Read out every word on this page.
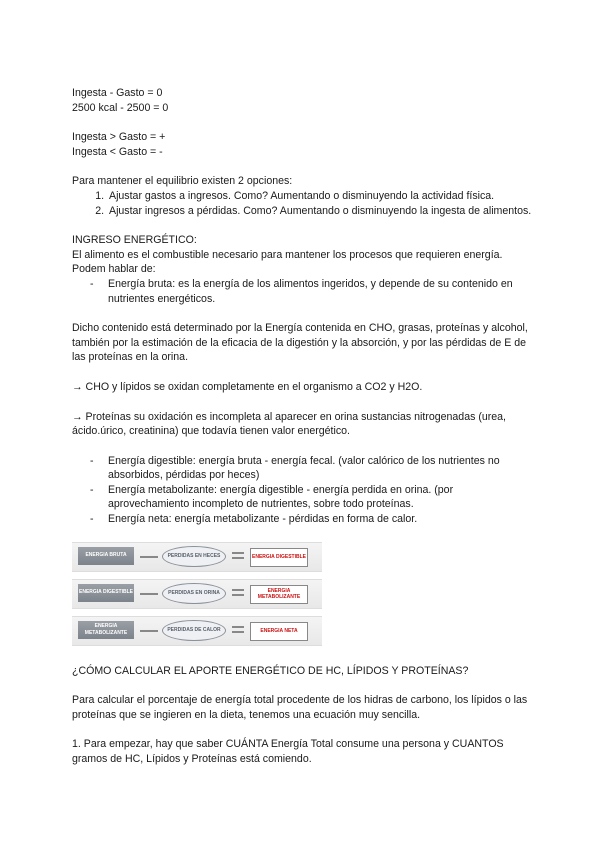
Ingesta - Gasto = 0

2500 kcal - 2500 = 0

Ingesta > Gasto = +

Ingesta < Gasto = -

Para mantener el equilibrio existen 2 opciones:

1. Ajustar gastos a ingresos. Como? Aumentando o disminuyendo la actividad física.
2. Ajustar ingresos a pérdidas. Como? Aumentando o disminuyendo la ingesta de alimentos.

INGRESO ENERGÉTICO:

El alimento es el combustible necesario para mantener los procesos que requieren energía. Podem hablar de:

- Energía bruta: es la energía de los alimentos ingeridos, y depende de su contenido en nutrientes energéticos.

Dicho contenido está determinado por la Energía contenida en CHO, grasas, proteínas y alcohol, también por la estimación de la eficacia de la digestión y la absorción, y por las pérdidas de E de las proteínas en la orina.

→ CHO y lípidos se oxidan completamente en el organismo a CO2 y H2O.

→ Proteínas su oxidación es incompleta al aparecer en orina sustancias nitrogenadas (urea, ácido.úrico, creatinina) que todavía tienen valor energético.

- Energía digestible: energía bruta - energía fecal. (valor calórico de los nutrientes no absorbidos, pérdidas por heces)
- Energía metabolizante: energía digestible - energía perdida en orina. (por aprovechamiento incompleto de nutrientes, sobre todo proteínas.
- Energía neta: energía metabolizante - pérdidas en forma de calor.
ENERGIA BRUTA	PERDIDAS EN HECES	ENERGIA DIGESTIBLE
ENERGIA DIGESTIBLE	PERDIDAS EN ORINA	ENERGIA METABOLIZANTE
ENERGIA METABOLIZANTE	PERDIDAS DE CALOR	ENERGIA NETA

¿CÓMO CALCULAR EL APORTE ENERGÉTICO DE HC, LÍPIDOS Y PROTEÍNAS?

Para calcular el porcentaje de energía total procedente de los hidras de carbono, los lípidos o las proteínas que se ingieren en la dieta, tenemos una ecuación muy sencilla.

1. Para empezar, hay que saber CUÁNTA Energía Total consume una persona y CUANTOS gramos de HC, Lípidos y Proteínas está comiendo.
